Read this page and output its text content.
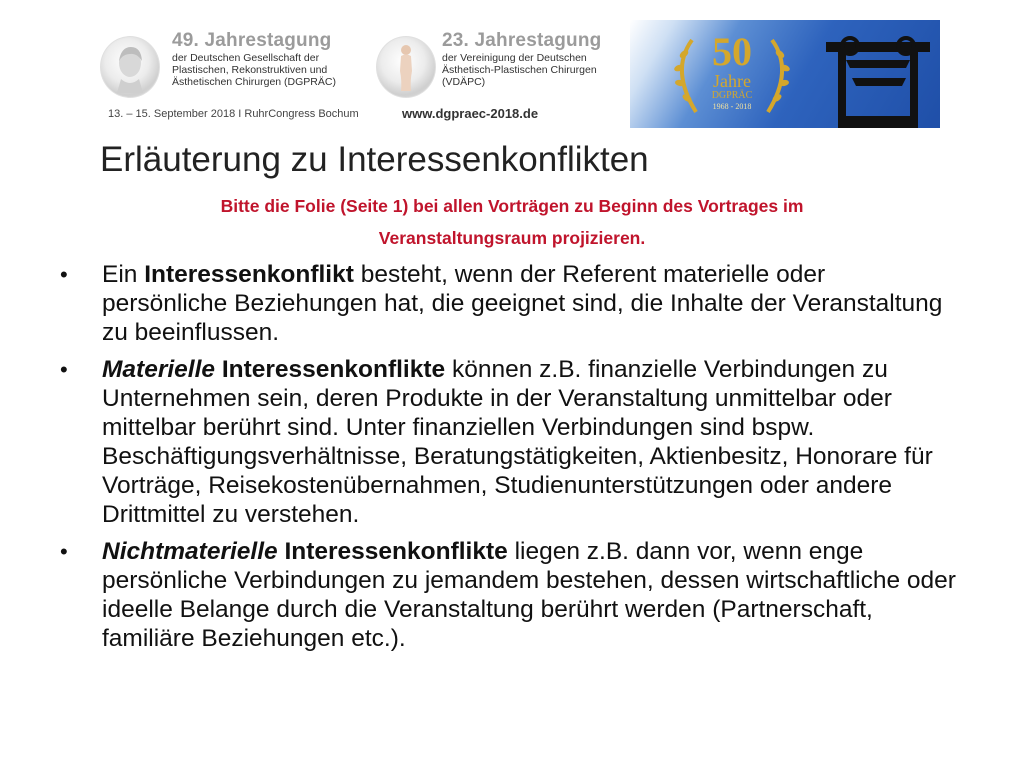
49. Jahrestagung
der Deutschen Gesellschaft der
Plastischen, Rekonstruktiven und
Ästhetischen Chirurgen (DGPRÄC)
23. Jahrestagung
der Vereinigung der Deutschen
Ästhetisch-Plastischen Chirurgen
(VDÄPC)
13. – 15. September 2018 I RuhrCongress Bochum	www.dgpraec-2018.de
50
Jahre
DGPRÄC
1968 - 2018
Erläuterung zu Interessenkonflikten
Bitte die Folie (Seite 1) bei allen Vorträgen zu Beginn des Vortrages im
Veranstaltungsraum projizieren.
• Ein Interessenkonflikt besteht, wenn der Referent materielle oder persönliche Beziehungen hat, die geeignet sind, die Inhalte der Veranstaltung zu beeinflussen.
• Materielle Interessenkonflikte können z.B. finanzielle Verbindungen zu Unternehmen sein, deren Produkte in der Veranstaltung unmittelbar oder mittelbar berührt sind. Unter finanziellen Verbindungen sind bspw. Beschäftigungsverhältnisse, Beratungstätigkeiten, Aktienbesitz, Honorare für Vorträge, Reisekostenübernahmen, Studienunterstützungen oder andere Drittmittel zu verstehen.
• Nichtmaterielle Interessenkonflikte liegen z.B. dann vor, wenn enge persönliche Verbindungen zu jemandem bestehen, dessen wirtschaftliche oder ideelle Belange durch die Veranstaltung berührt werden (Partnerschaft, familiäre Beziehungen etc.).
